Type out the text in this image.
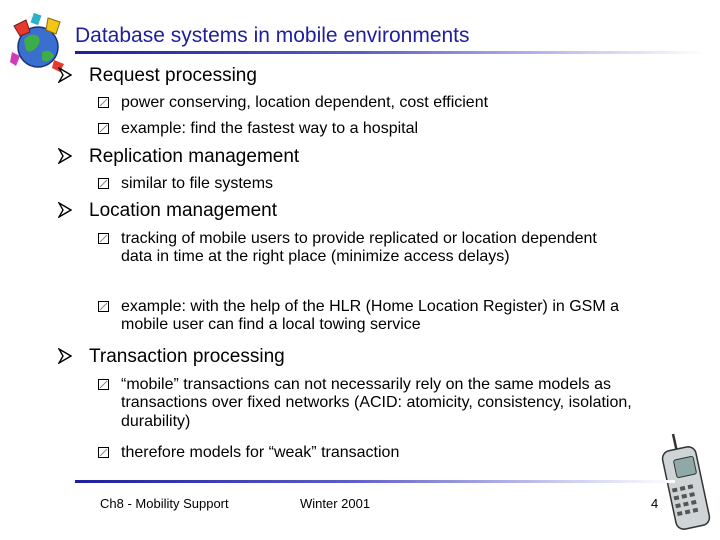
Database systems in mobile environments
Request processing
power conserving, location dependent, cost efficient
example: find the fastest way to a hospital
Replication management
similar to file systems
Location management
tracking of mobile users to provide replicated or location dependent data in time at the right place (minimize access delays)
example: with the help of the HLR (Home Location Register) in GSM a mobile user can find a local towing service
Transaction processing
“mobile” transactions can not necessarily rely on the same models as transactions over fixed networks (ACID: atomicity, consistency, isolation, durability)
therefore models for “weak” transaction
Ch8 - Mobility Support	Winter 2001	4
